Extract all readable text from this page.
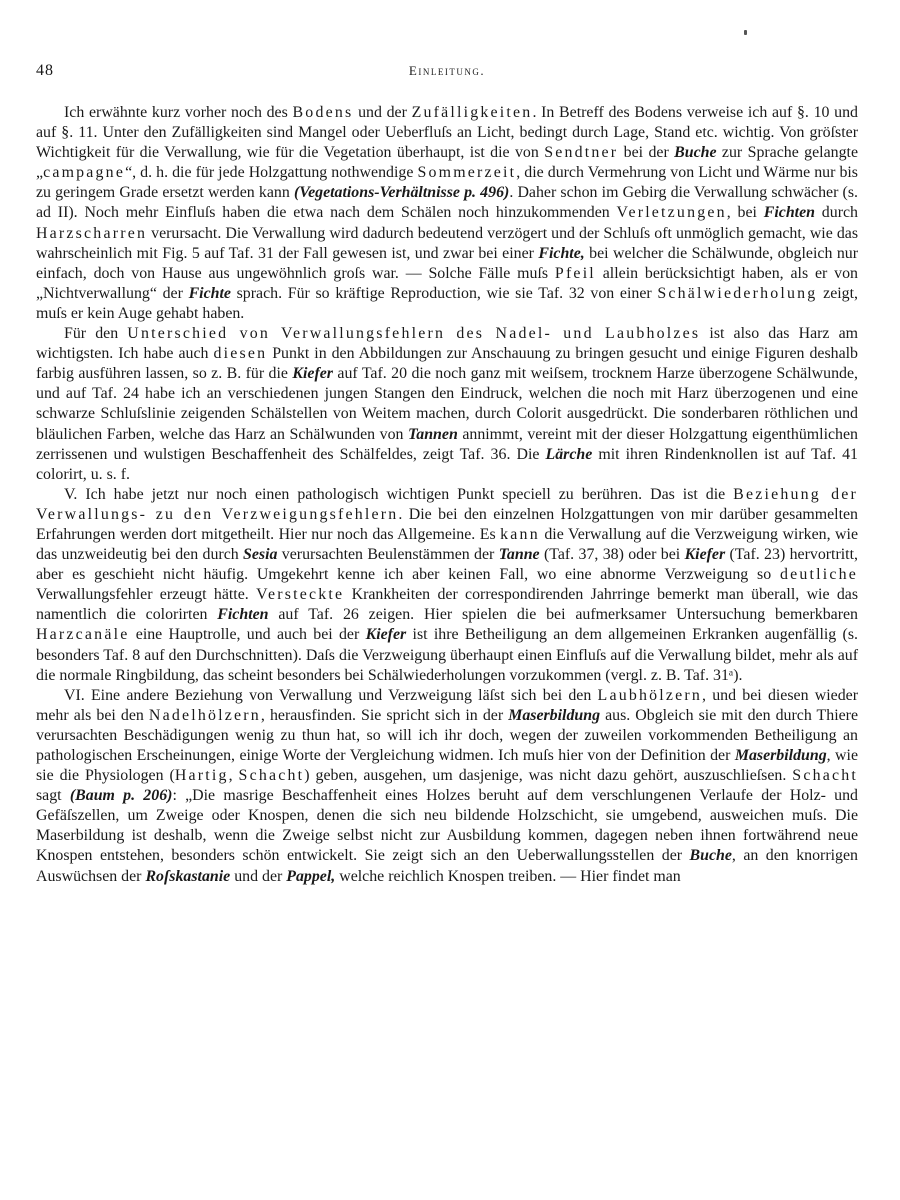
48	Einleitung.

Ich erwähnte kurz vorher noch des Bodens und der Zufälligkeiten. In Betreff des Bodens verweise ich auf §. 10 und auf §. 11. Unter den Zufälligkeiten sind Mangel oder Ueberfluſs an Licht, bedingt durch Lage, Stand etc. wichtig. Von gröſster Wichtigkeit für die Verwallung, wie für die Vegetation überhaupt, ist die von Sendtner bei der Buche zur Sprache gelangte „campagne“, d. h. die für jede Holzgattung nothwendige Sommerzeit, die durch Vermehrung von Licht und Wärme nur bis zu geringem Grade ersetzt werden kann (Vegetations-Verhältnisse p. 496). Daher schon im Gebirg die Verwallung schwächer (s. ad II). Noch mehr Einfluſs haben die etwa nach dem Schälen noch hinzukommenden Verletzungen, bei Fichten durch Harzscharren verursacht. Die Verwallung wird dadurch bedeutend verzögert und der Schluſs oft unmöglich gemacht, wie das wahrscheinlich mit Fig. 5 auf Taf. 31 der Fall gewesen ist, und zwar bei einer Fichte, bei welcher die Schälwunde, obgleich nur einfach, doch von Hause aus ungewöhnlich groſs war. — Solche Fälle muſs Pfeil allein berücksichtigt haben, als er von „Nichtverwallung“ der Fichte sprach. Für so kräftige Reproduction, wie sie Taf. 32 von einer Schälwiederholung zeigt, muſs er kein Auge gehabt haben.

Für den Unterschied von Verwallungsfehlern des Nadel- und Laubholzes ist also das Harz am wichtigsten. Ich habe auch diesen Punkt in den Abbildungen zur Anschauung zu bringen gesucht und einige Figuren deshalb farbig ausführen lassen, so z. B. für die Kiefer auf Taf. 20 die noch ganz mit weiſsem, trocknem Harze überzogene Schälwunde, und auf Taf. 24 habe ich an verschiedenen jungen Stangen den Eindruck, welchen die noch mit Harz überzogenen und eine schwarze Schluſslinie zeigenden Schälstellen von Weitem machen, durch Colorit ausgedrückt. Die sonderbaren röthlichen und bläulichen Farben, welche das Harz an Schälwunden von Tannen annimmt, vereint mit der dieser Holzgattung eigenthümlichen zerrissenen und wulstigen Beschaffenheit des Schälfeldes, zeigt Taf. 36. Die Lärche mit ihren Rindenknollen ist auf Taf. 41 colorirt, u. s. f.

V. Ich habe jetzt nur noch einen pathologisch wichtigen Punkt speciell zu berühren. Das ist die Beziehung der Verwallungs- zu den Verzweigungsfehlern. Die bei den einzelnen Holzgattungen von mir darüber gesammelten Erfahrungen werden dort mitgetheilt. Hier nur noch das Allgemeine. Es kann die Verwallung auf die Verzweigung wirken, wie das unzweideutig bei den durch Sesia verursachten Beulenstämmen der Tanne (Taf. 37, 38) oder bei Kiefer (Taf. 23) hervortritt, aber es geschieht nicht häufig. Umgekehrt kenne ich aber keinen Fall, wo eine abnorme Verzweigung so deutliche Verwallungsfehler erzeugt hätte. Versteckte Krankheiten der correspondirenden Jahrringe bemerkt man überall, wie das namentlich die colorirten Fichten auf Taf. 26 zeigen. Hier spielen die bei aufmerksamer Untersuchung bemerkbaren Harzcanäle eine Hauptrolle, und auch bei der Kiefer ist ihre Betheiligung an dem allgemeinen Erkranken augenfällig (s. besonders Taf. 8 auf den Durchschnitten). Daſs die Verzweigung überhaupt einen Einfluſs auf die Verwallung bildet, mehr als auf die normale Ringbildung, das scheint besonders bei Schälwiederholungen vorzukommen (vergl. z. B. Taf. 31ᵃ).

VI. Eine andere Beziehung von Verwallung und Verzweigung läſst sich bei den Laubhölzern, und bei diesen wieder mehr als bei den Nadelhölzern, herausfinden. Sie spricht sich in der Maserbildung aus. Obgleich sie mit den durch Thiere verursachten Beschädigungen wenig zu thun hat, so will ich ihr doch, wegen der zuweilen vorkommenden Betheiligung an pathologischen Erscheinungen, einige Worte der Vergleichung widmen. Ich muſs hier von der Definition der Maserbildung, wie sie die Physiologen (Hartig, Schacht) geben, ausgehen, um dasjenige, was nicht dazu gehört, auszuschlieſsen. Schacht sagt (Baum p. 206): „Die masrige Beschaffenheit eines Holzes beruht auf dem verschlungenen Verlaufe der Holz- und Gefäſszellen, um Zweige oder Knospen, denen die sich neu bildende Holzschicht, sie umgebend, ausweichen muſs. Die Maserbildung ist deshalb, wenn die Zweige selbst nicht zur Ausbildung kommen, dagegen neben ihnen fortwährend neue Knospen entstehen, besonders schön entwickelt. Sie zeigt sich an den Ueberwallungsstellen der Buche, an den knorrigen Auswüchsen der Roſskastanie und der Pappel, welche reichlich Knospen treiben. — Hier findet man
